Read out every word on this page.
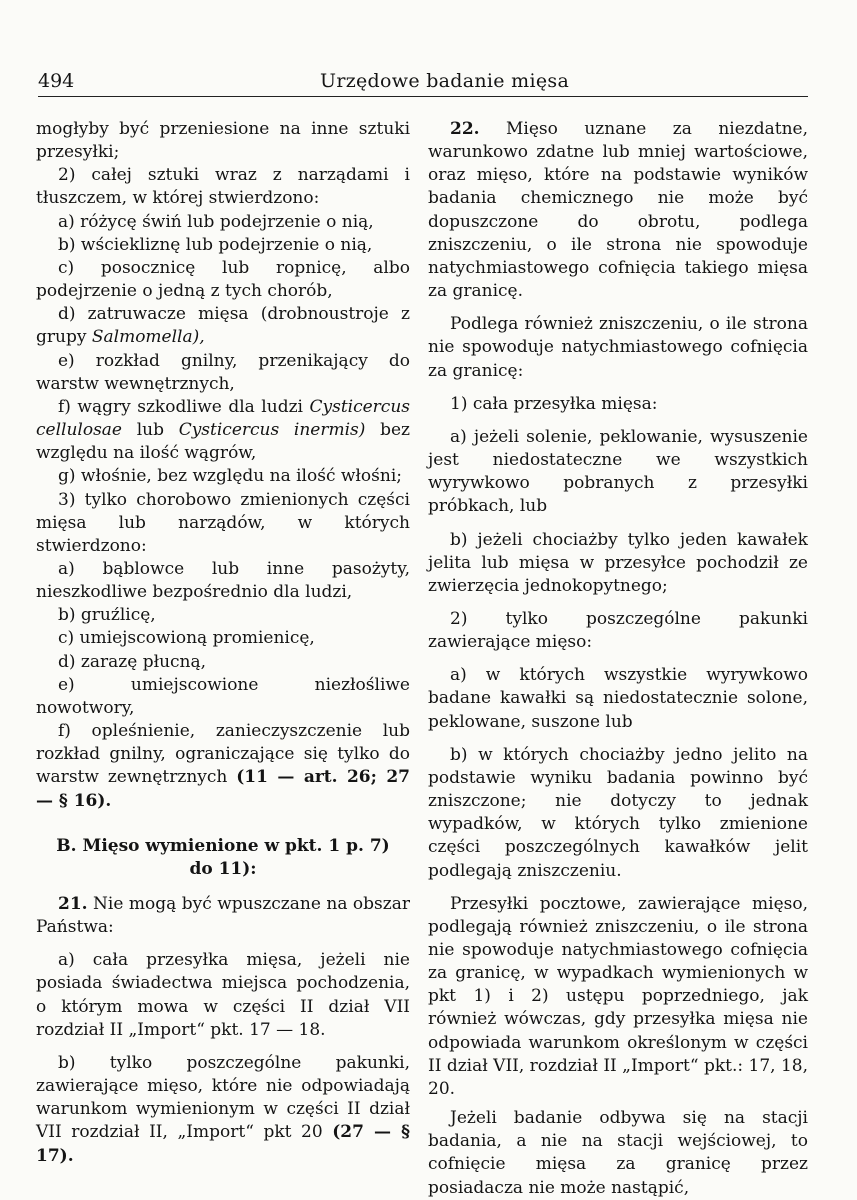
494	Urzędowe badanie mięsa

mogłyby być przeniesione na inne sztuki przesyłki;

2) całej sztuki wraz z narządami i tłuszczem, w której stwierdzono:

a) różycę świń lub podejrzenie o nią,

b) wściekliznę lub podejrzenie o nią,

c) posocznicę lub ropnicę, albo podejrzenie o jedną z tych chorób,

d) zatruwacze mięsa (drobnoustroje z grupy Salmomella),

e) rozkład gnilny, przenikający do warstw wewnętrznych,

f) wągry szkodliwe dla ludzi Cysticercus cellulosae lub Cysticercus inermis) bez względu na ilość wągrów,

g) włośnie, bez względu na ilość włośni;

3) tylko chorobowo zmienionych części mięsa lub narządów, w których stwierdzono:

a) bąblowce lub inne pasożyty, nieszkodliwe bezpośrednio dla ludzi,

b) gruźlicę,

c) umiejscowioną promienicę,

d) zarazę płucną,

e) umiejscowione niezłośliwe nowotwory,

f) opleśnienie, zanieczyszczenie lub rozkład gnilny, ograniczające się tylko do warstw zewnętrznych (11 — art. 26; 27 — § 16).

B. Mięso wymienione w pkt. 1 p. 7) do 11):

21. Nie mogą być wpuszczane na obszar Państwa:

a) cała przesyłka mięsa, jeżeli nie posiada świadectwa miejsca pochodzenia, o którym mowa w części II dział VII rozdział II „Import“ pkt. 17 — 18.

b) tylko poszczególne pakunki, zawierające mięso, które nie odpowiadają warunkom wymienionym w części II dział VII rozdział II, „Import“ pkt 20 (27 — § 17).

22. Mięso uznane za niezdatne, warunkowo zdatne lub mniej wartościowe, oraz mięso, które na podstawie wyników badania chemicznego nie może być dopuszczone do obrotu, podlega zniszczeniu, o ile strona nie spowoduje natychmiastowego cofnięcia takiego mięsa za granicę.

Podlega również zniszczeniu, o ile strona nie spowoduje natychmiastowego cofnięcia za granicę:

1) cała przesyłka mięsa:

a) jeżeli solenie, peklowanie, wysuszenie jest niedostateczne we wszystkich wyrywkowo pobranych z przesyłki próbkach, lub

b) jeżeli chociażby tylko jeden kawałek jelita lub mięsa w przesyłce pochodził ze zwierzęcia jednokopytnego;

2) tylko poszczególne pakunki zawierające mięso:

a) w których wszystkie wyrywkowo badane kawałki są niedostatecznie solone, peklowane, suszone lub

b) w których chociażby jedno jelito na podstawie wyniku badania powinno być zniszczone; nie dotyczy to jednak wypadków, w których tylko zmienione części poszczególnych kawałków jelit podlegają zniszczeniu.

Przesyłki pocztowe, zawierające mięso, podlegają również zniszczeniu, o ile strona nie spowoduje natychmiastowego cofnięcia za granicę, w wypadkach wymienionych w pkt 1) i 2) ustępu poprzedniego, jak również wówczas, gdy przesyłka mięsa nie odpowiada warunkom określonym w części II dział VII, rozdział II „Import“ pkt.: 17, 18, 20.

Jeżeli badanie odbywa się na stacji badania, a nie na stacji wejściowej, to cofnięcie mięsa za granicę przez posiadacza nie może nastąpić,
